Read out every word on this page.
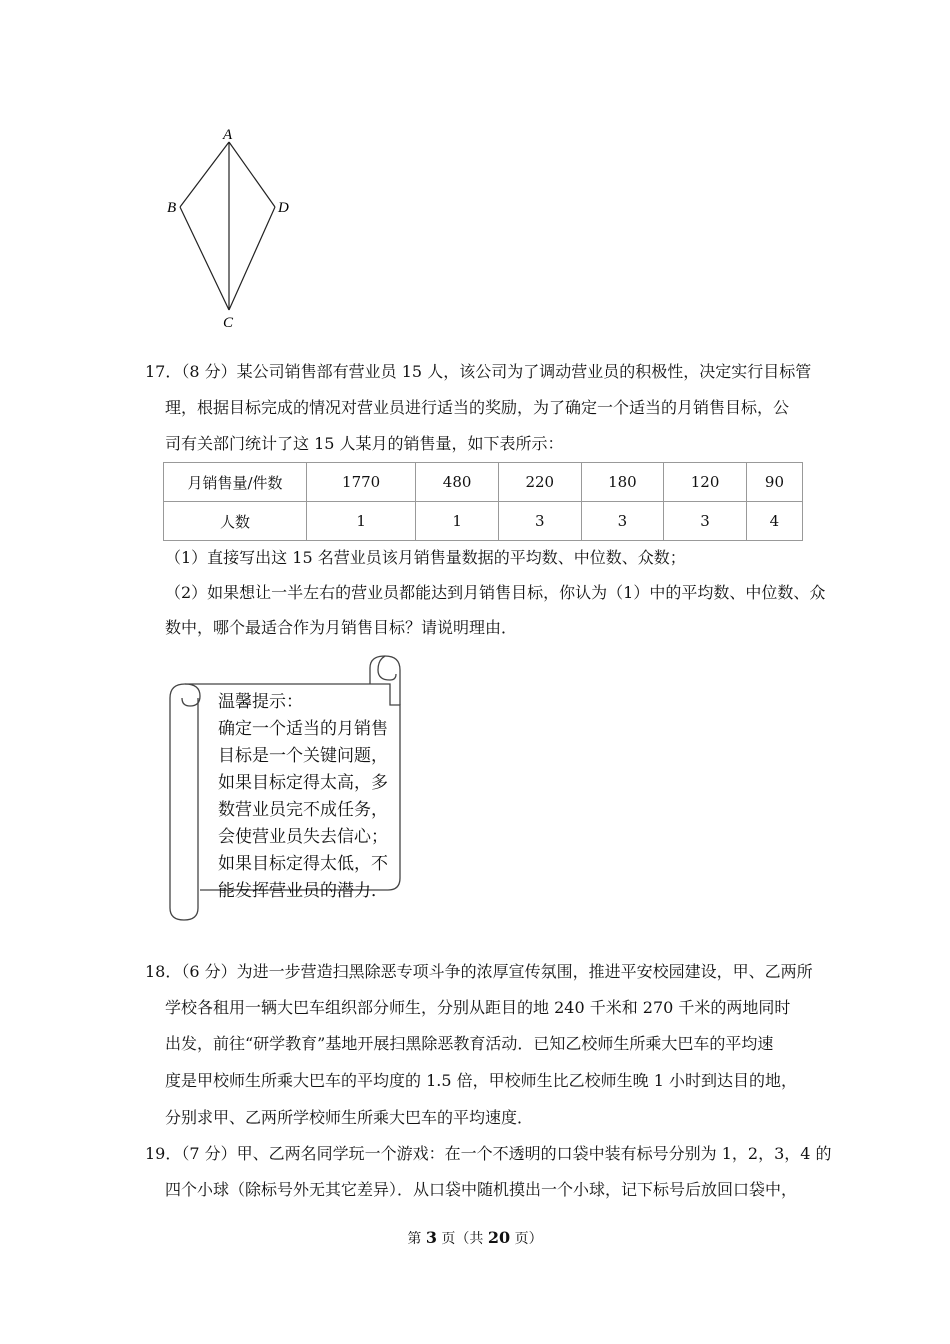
A
B	D
C
17．（8 分）某公司销售部有营业员 15 人，该公司为了调动营业员的积极性，决定实行目标管
理，根据目标完成的情况对营业员进行适当的奖励，为了确定一个适当的月销售目标，公
司有关部门统计了这 15 人某月的销售量，如下表所示：
月销售量/件数	1770	480	220	180	120	90
人数	1	1	3	3	3	4
（1）直接写出这 15 名营业员该月销售量数据的平均数、中位数、众数；
（2）如果想让一半左右的营业员都能达到月销售目标，你认为（1）中的平均数、中位数、众
数中，哪个最适合作为月销售目标？请说明理由．
温馨提示：
确定一个适当的月销售
目标是一个关键问题，
如果目标定得太高，多
数营业员完不成任务，
会使营业员失去信心；
如果目标定得太低，不
能发挥营业员的潜力．
18．（6 分）为进一步营造扫黑除恶专项斗争的浓厚宣传氛围，推进平安校园建设，甲、乙两所
学校各租用一辆大巴车组织部分师生，分别从距目的地 240 千米和 270 千米的两地同时
出发，前往“研学教育”基地开展扫黑除恶教育活动．已知乙校师生所乘大巴车的平均速
度是甲校师生所乘大巴车的平均度的 1.5 倍，甲校师生比乙校师生晚 1 小时到达目的地，
分别求甲、乙两所学校师生所乘大巴车的平均速度．
19．（7 分）甲、乙两名同学玩一个游戏：在一个不透明的口袋中装有标号分别为 1，2，3，4 的
四个小球（除标号外无其它差异）．从口袋中随机摸出一个小球，记下标号后放回口袋中，
第 3 页（共 20 页）
